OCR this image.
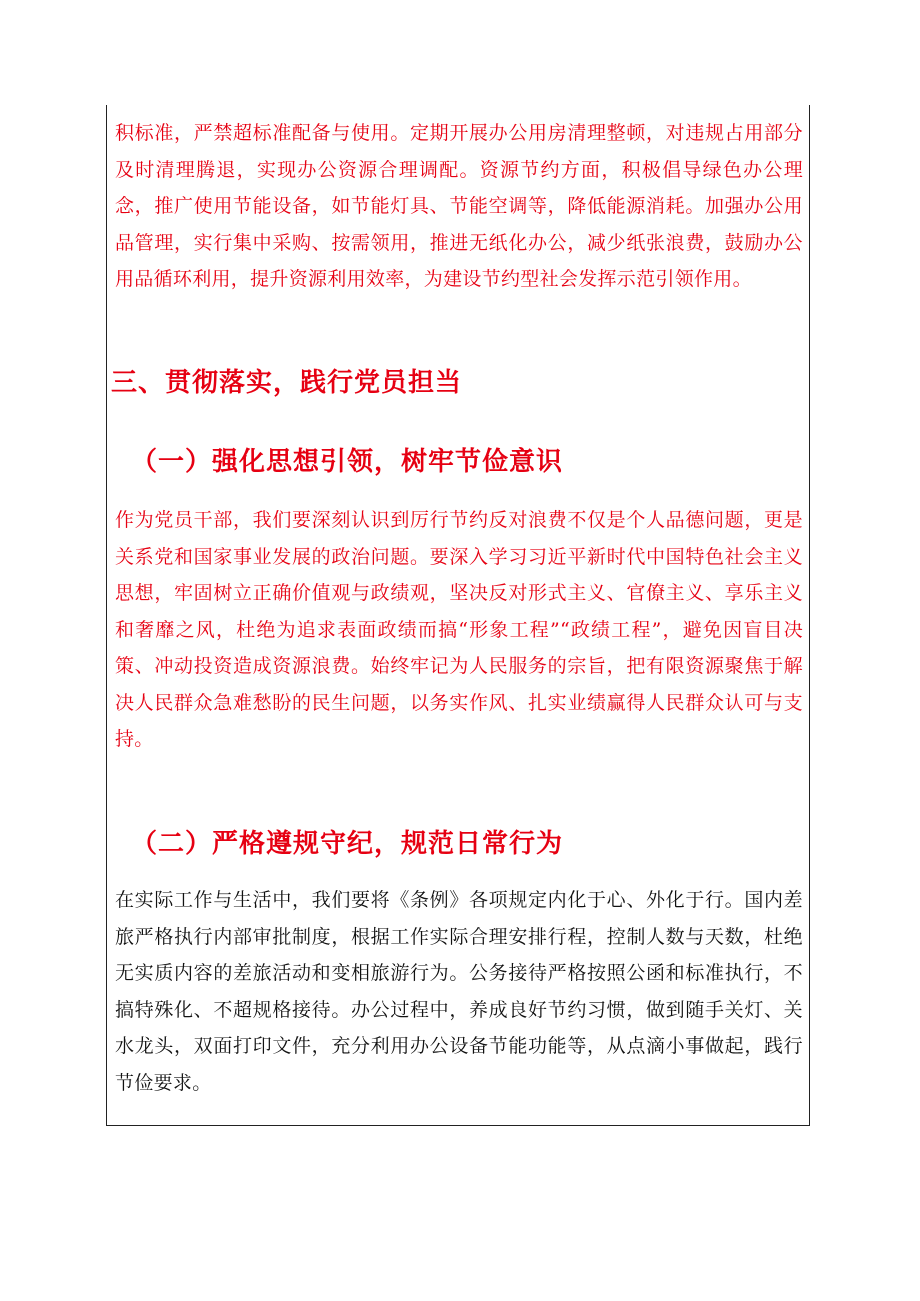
积标准，严禁超标准配备与使用。定期开展办公用房清理整顿，对违规占用部分及时清理腾退，实现办公资源合理调配。资源节约方面，积极倡导绿色办公理念，推广使用节能设备，如节能灯具、节能空调等，降低能源消耗。加强办公用品管理，实行集中采购、按需领用，推进无纸化办公，减少纸张浪费，鼓励办公用品循环利用，提升资源利用效率，为建设节约型社会发挥示范引领作用。

三、贯彻落实，践行党员担当
（一）强化思想引领，树牢节俭意识

作为党员干部，我们要深刻认识到厉行节约反对浪费不仅是个人品德问题，更是关系党和国家事业发展的政治问题。要深入学习习近平新时代中国特色社会主义思想，牢固树立正确价值观与政绩观，坚决反对形式主义、官僚主义、享乐主义和奢靡之风，杜绝为追求表面政绩而搞“形象工程”“政绩工程”，避免因盲目决策、冲动投资造成资源浪费。始终牢记为人民服务的宗旨，把有限资源聚焦于解决人民群众急难愁盼的民生问题，以务实作风、扎实业绩赢得人民群众认可与支持。

（二）严格遵规守纪，规范日常行为

在实际工作与生活中，我们要将《条例》各项规定内化于心、外化于行。国内差旅严格执行内部审批制度，根据工作实际合理安排行程，控制人数与天数，杜绝无实质内容的差旅活动和变相旅游行为。公务接待严格按照公函和标准执行，不搞特殊化、不超规格接待。办公过程中，养成良好节约习惯，做到随手关灯、关水龙头，双面打印文件，充分利用办公设备节能功能等，从点滴小事做起，践行节俭要求。
